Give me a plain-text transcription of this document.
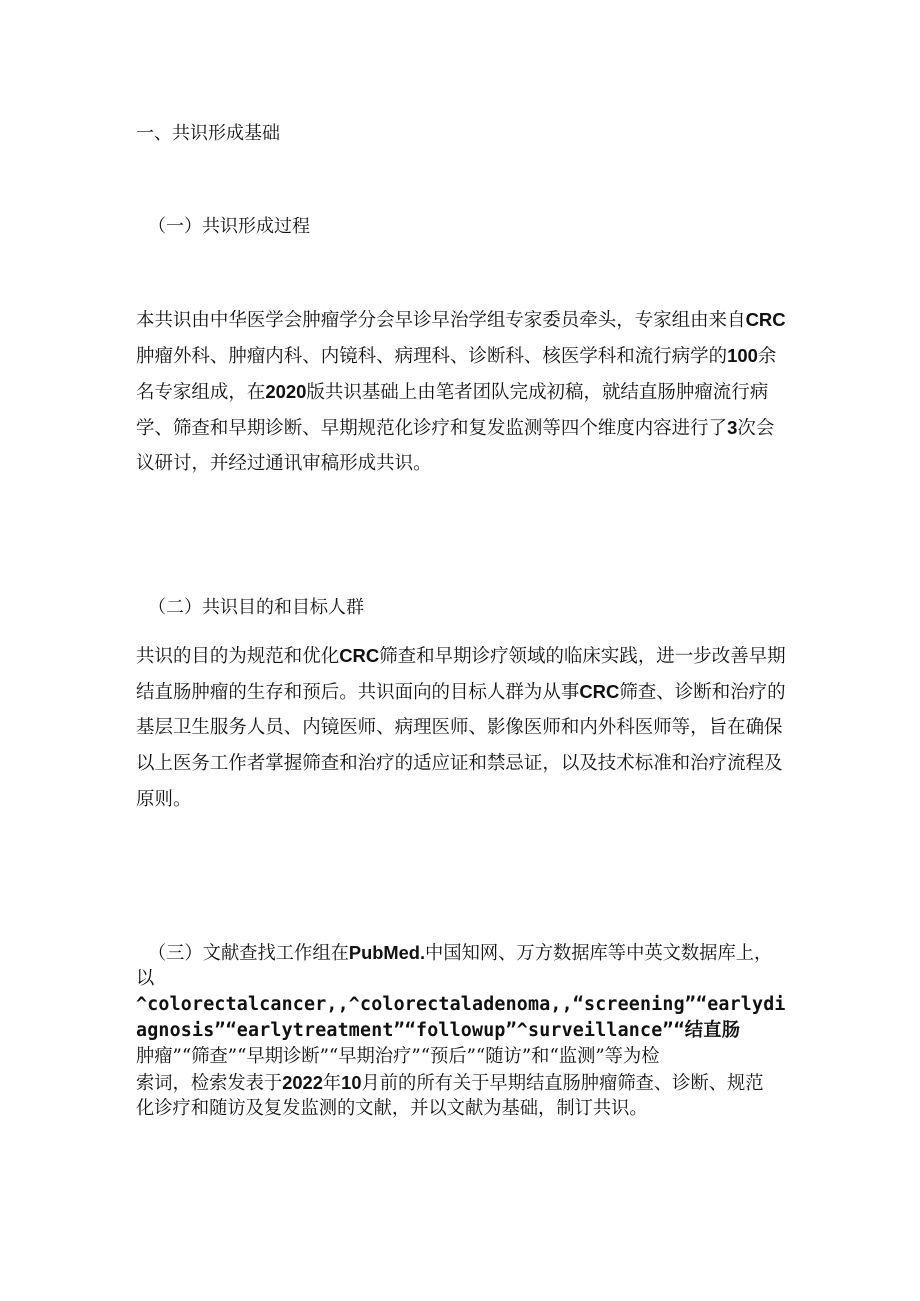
一、共识形成基础
（一）共识形成过程
本共识由中华医学会肿瘤学分会早诊早治学组专家委员牵头，专家组由来自CRC
肿瘤外科、肿瘤内科、内镜科、病理科、诊断科、核医学科和流行病学的100余
名专家组成，在2020版共识基础上由笔者团队完成初稿，就结直肠肿瘤流行病
学、筛查和早期诊断、早期规范化诊疗和复发监测等四个维度内容进行了3次会
议研讨，并经过通讯审稿形成共识。
（二）共识目的和目标人群
共识的目的为规范和优化CRC筛查和早期诊疗领域的临床实践，进一步改善早期
结直肠肿瘤的生存和预后。共识面向的目标人群为从事CRC筛查、诊断和治疗的
基层卫生服务人员、内镜医师、病理医师、影像医师和内外科医师等，旨在确保
以上医务工作者掌握筛查和治疗的适应证和禁忌证，以及技术标准和治疗流程及
原则。
（三）文献查找工作组在PubMed.中国知网、万方数据库等中英文数据库上，
以
^colorectalcancer,,^colorectaladenoma,,“screening”“earlydi
agnosis”“earlytreatment”“followup”^surveillance”“结直肠
肿瘤”“筛查”“早期诊断”“早期治疗”“预后”“随访”和“监测”等为检
索词，检索发表于2022年10月前的所有关于早期结直肠肿瘤筛查、诊断、规范
化诊疗和随访及复发监测的文献，并以文献为基础，制订共识。
